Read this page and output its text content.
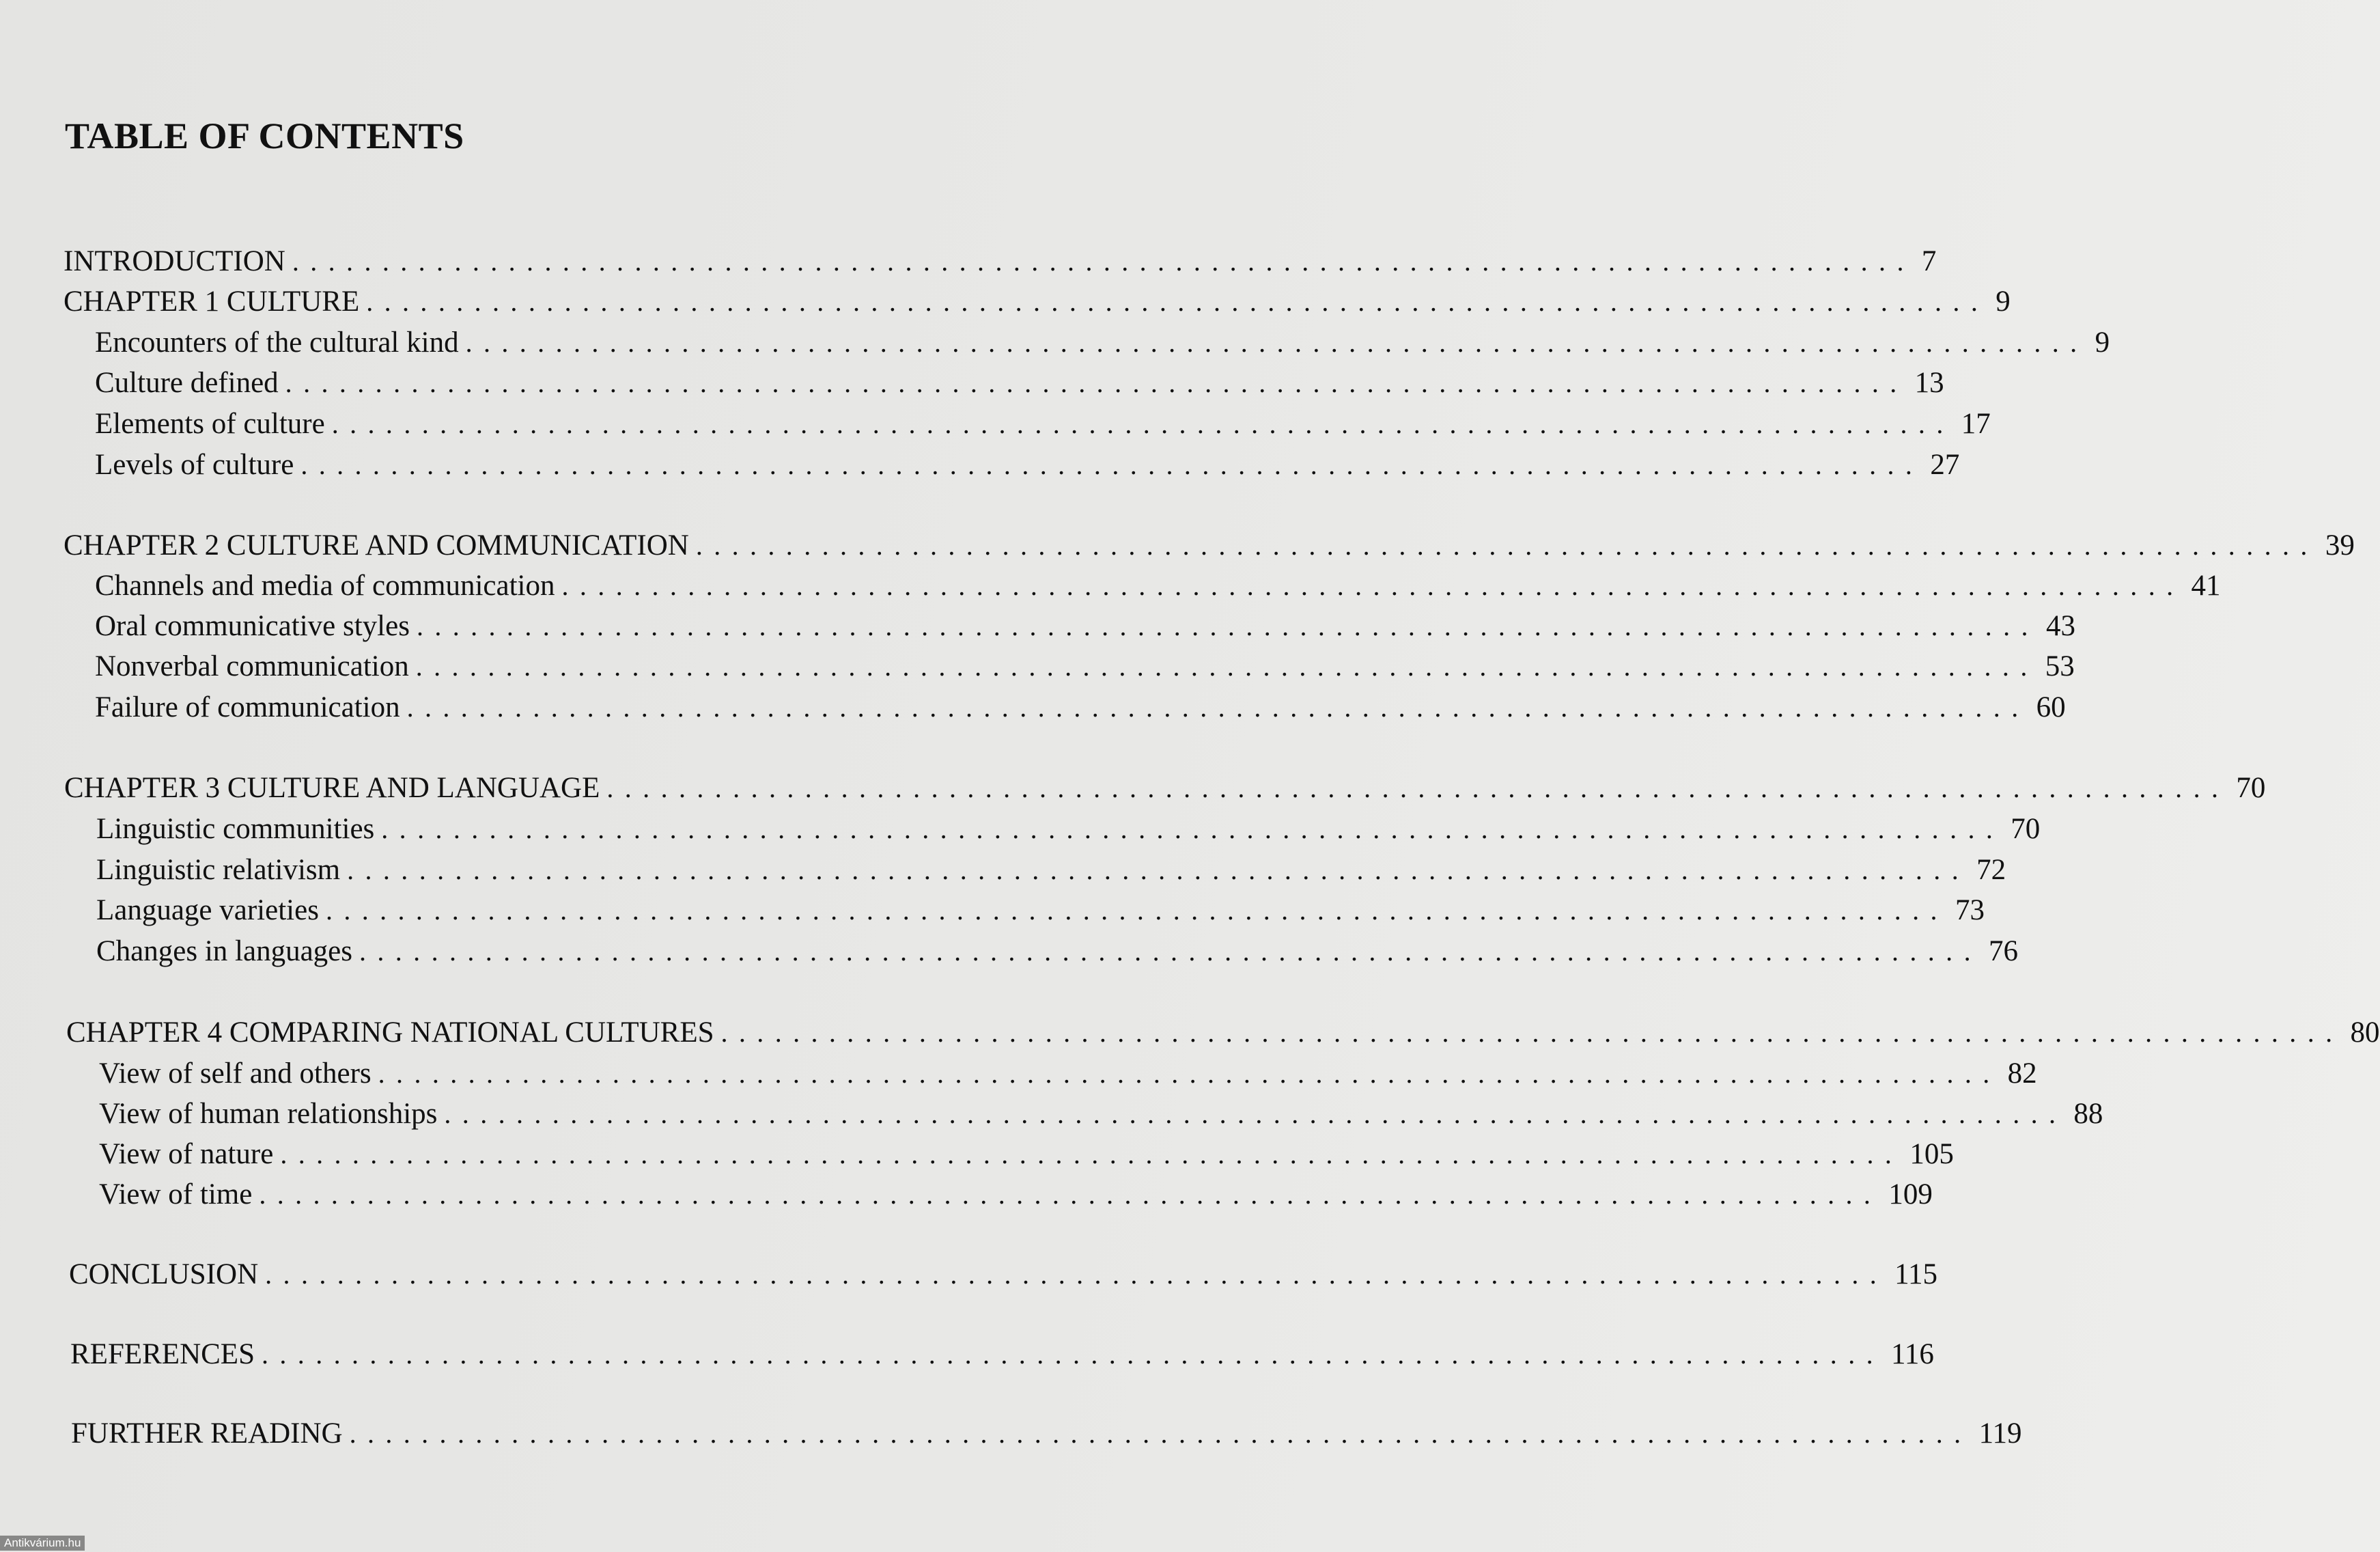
TABLE OF CONTENTS
INTRODUCTION .......................................................................................... 7
CHAPTER 1 CULTURE .......................................................................................... 9
Encounters of the cultural kind .......................................................................................... 9
Culture defined .......................................................................................... 13
Elements of culture .......................................................................................... 17
Levels of culture .......................................................................................... 27
CHAPTER 2 CULTURE AND COMMUNICATION .......................................................................................... 39
Channels and media of communication .......................................................................................... 41
Oral communicative styles .......................................................................................... 43
Nonverbal communication .......................................................................................... 53
Failure of communication .......................................................................................... 60
CHAPTER 3 CULTURE AND LANGUAGE .......................................................................................... 70
Linguistic communities .......................................................................................... 70
Linguistic relativism .......................................................................................... 72
Language varieties .......................................................................................... 73
Changes in languages .......................................................................................... 76
CHAPTER 4 COMPARING NATIONAL CULTURES .......................................................................................... 80
View of self and others .......................................................................................... 82
View of human relationships .......................................................................................... 88
View of nature .......................................................................................... 105
View of time .......................................................................................... 109
CONCLUSION .......................................................................................... 115
REFERENCES .......................................................................................... 116
FURTHER READING .......................................................................................... 119
Antikvárium.hu
